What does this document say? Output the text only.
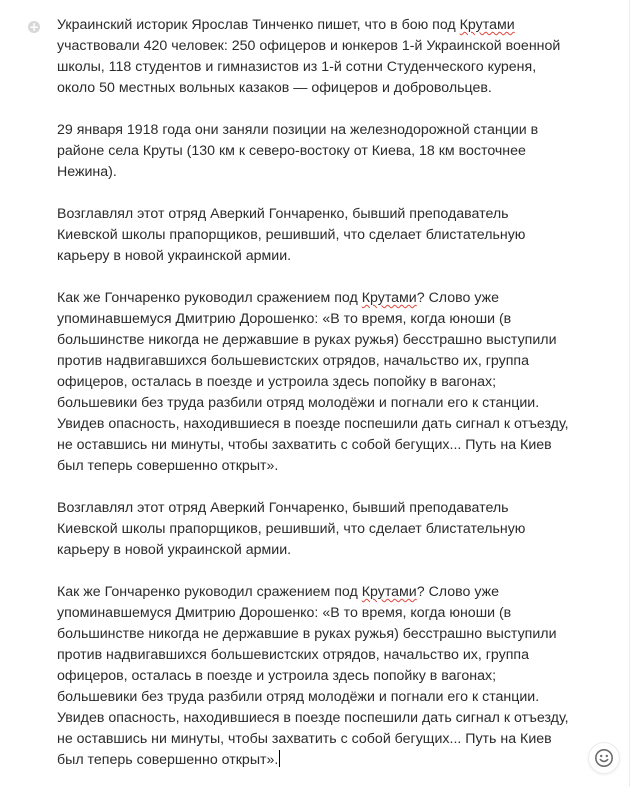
+ Украинский историк Ярослав Тинченко пишет, что в бою под Крутами участвовали 420 человек: 250 офицеров и юнкеров 1-й Украинской военной школы, 118 студентов и гимназистов из 1-й сотни Студенческого куреня, около 50 местных вольных казаков — офицеров и добровольцев.

29 января 1918 года они заняли позиции на железнодорожной станции в районе села Круты (130 км к северо-востоку от Киева, 18 км восточнее Нежина).

Возглавлял этот отряд Аверкий Гончаренко, бывший преподаватель Киевской школы прапорщиков, решивший, что сделает блистательную карьеру в новой украинской армии.

Как же Гончаренко руководил сражением под Крутами? Слово уже упоминавшемуся Дмитрию Дорошенко: «В то время, когда юноши (в большинстве никогда не державшие в руках ружья) бесстрашно выступили против надвигавшихся большевистских отрядов, начальство их, группа офицеров, осталась в поезде и устроила здесь попойку в вагонах; большевики без труда разбили отряд молодёжи и погнали его к станции. Увидев опасность, находившиеся в поезде поспешили дать сигнал к отъезду, не оставшись ни минуты, чтобы захватить с собой бегущих... Путь на Киев был теперь совершенно открыт».

Возглавлял этот отряд Аверкий Гончаренко, бывший преподаватель Киевской школы прапорщиков, решивший, что сделает блистательную карьеру в новой украинской армии.

Как же Гончаренко руководил сражением под Крутами? Слово уже упоминавшемуся Дмитрию Дорошенко: «В то время, когда юноши (в большинстве никогда не державшие в руках ружья) бесстрашно выступили против надвигавшихся большевистских отрядов, начальство их, группа офицеров, осталась в поезде и устроила здесь попойку в вагонах; большевики без труда разбили отряд молодёжи и погнали его к станции. Увидев опасность, находившиеся в поезде поспешили дать сигнал к отъезду, не оставшись ни минуты, чтобы захватить с собой бегущих... Путь на Киев был теперь совершенно открыт».
